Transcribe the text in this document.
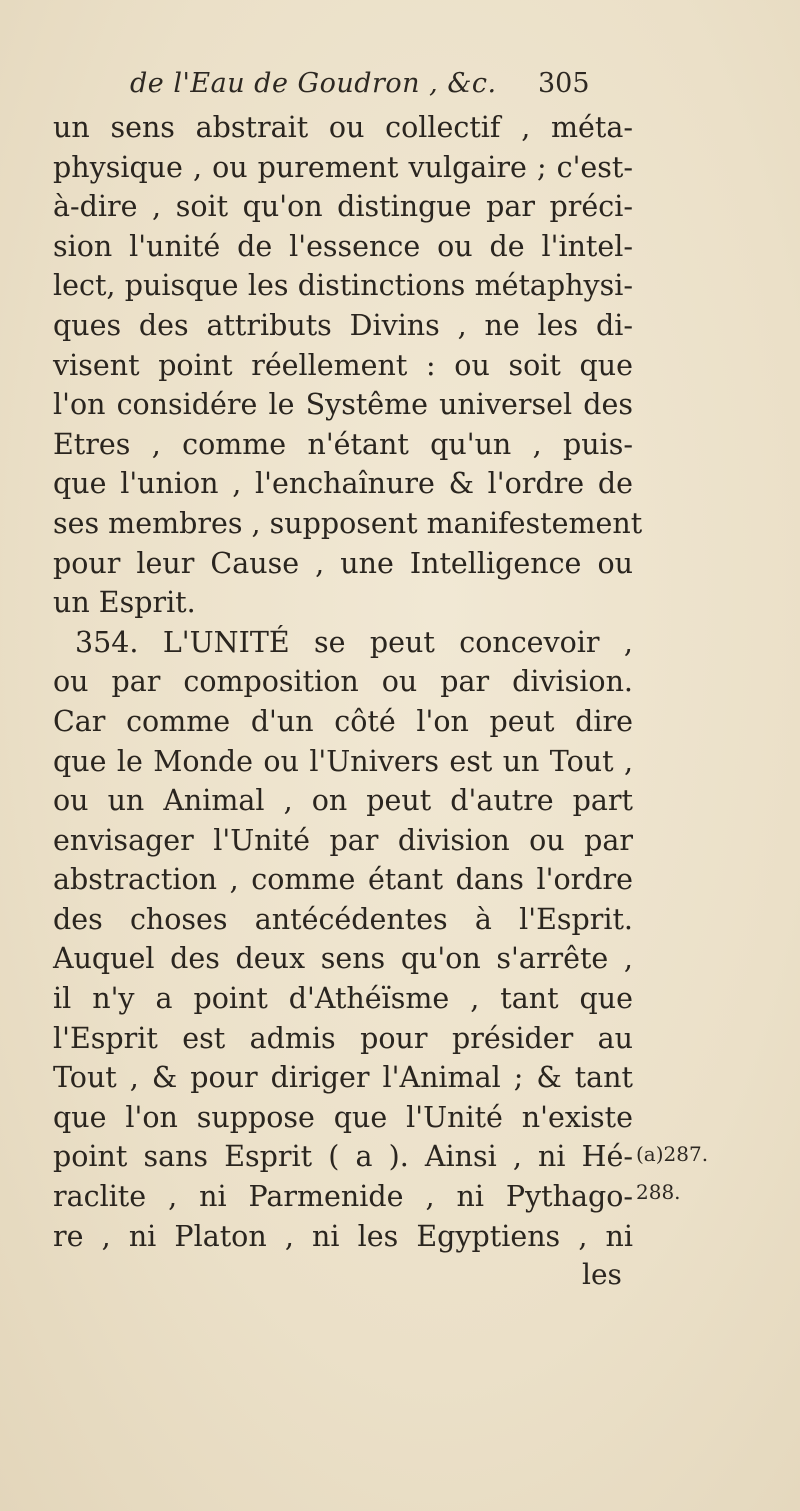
de l'Eau de Goudron , &c.	305
un sens abstrait ou collectif , méta-
physique , ou purement vulgaire ; c'est-
à-dire , soit qu'on distingue par préci-
sion l'unité de l'essence ou de l'intel-
lect, puisque les distinctions métaphysi-
ques des attributs Divins , ne les di-
visent point réellement : ou soit que
l'on considére le Systême universel des
Etres , comme n'étant qu'un , puis-
que l'union , l'enchaînure & l'ordre de
ses membres , supposent manifestement
pour leur Cause , une Intelligence ou
un Esprit.
354. L'UNITÉ se peut concevoir ,
ou par composition ou par division.
Car comme d'un côté l'on peut dire
que le Monde ou l'Univers est un Tout ,
ou un Animal , on peut d'autre part
envisager l'Unité par division ou par
abstraction , comme étant dans l'ordre
des choses antécédentes à l'Esprit.
Auquel des deux sens qu'on s'arrête ,
il n'y a point d'Athéïsme , tant que
l'Esprit est admis pour présider au
Tout , & pour diriger l'Animal ; & tant
que l'on suppose que l'Unité n'existe
point sans Esprit ( a ). Ainsi , ni Hé-
raclite , ni Parmenide , ni Pythago-
re , ni Platon , ni les Egyptiens , ni
(a)287.
288.
les
